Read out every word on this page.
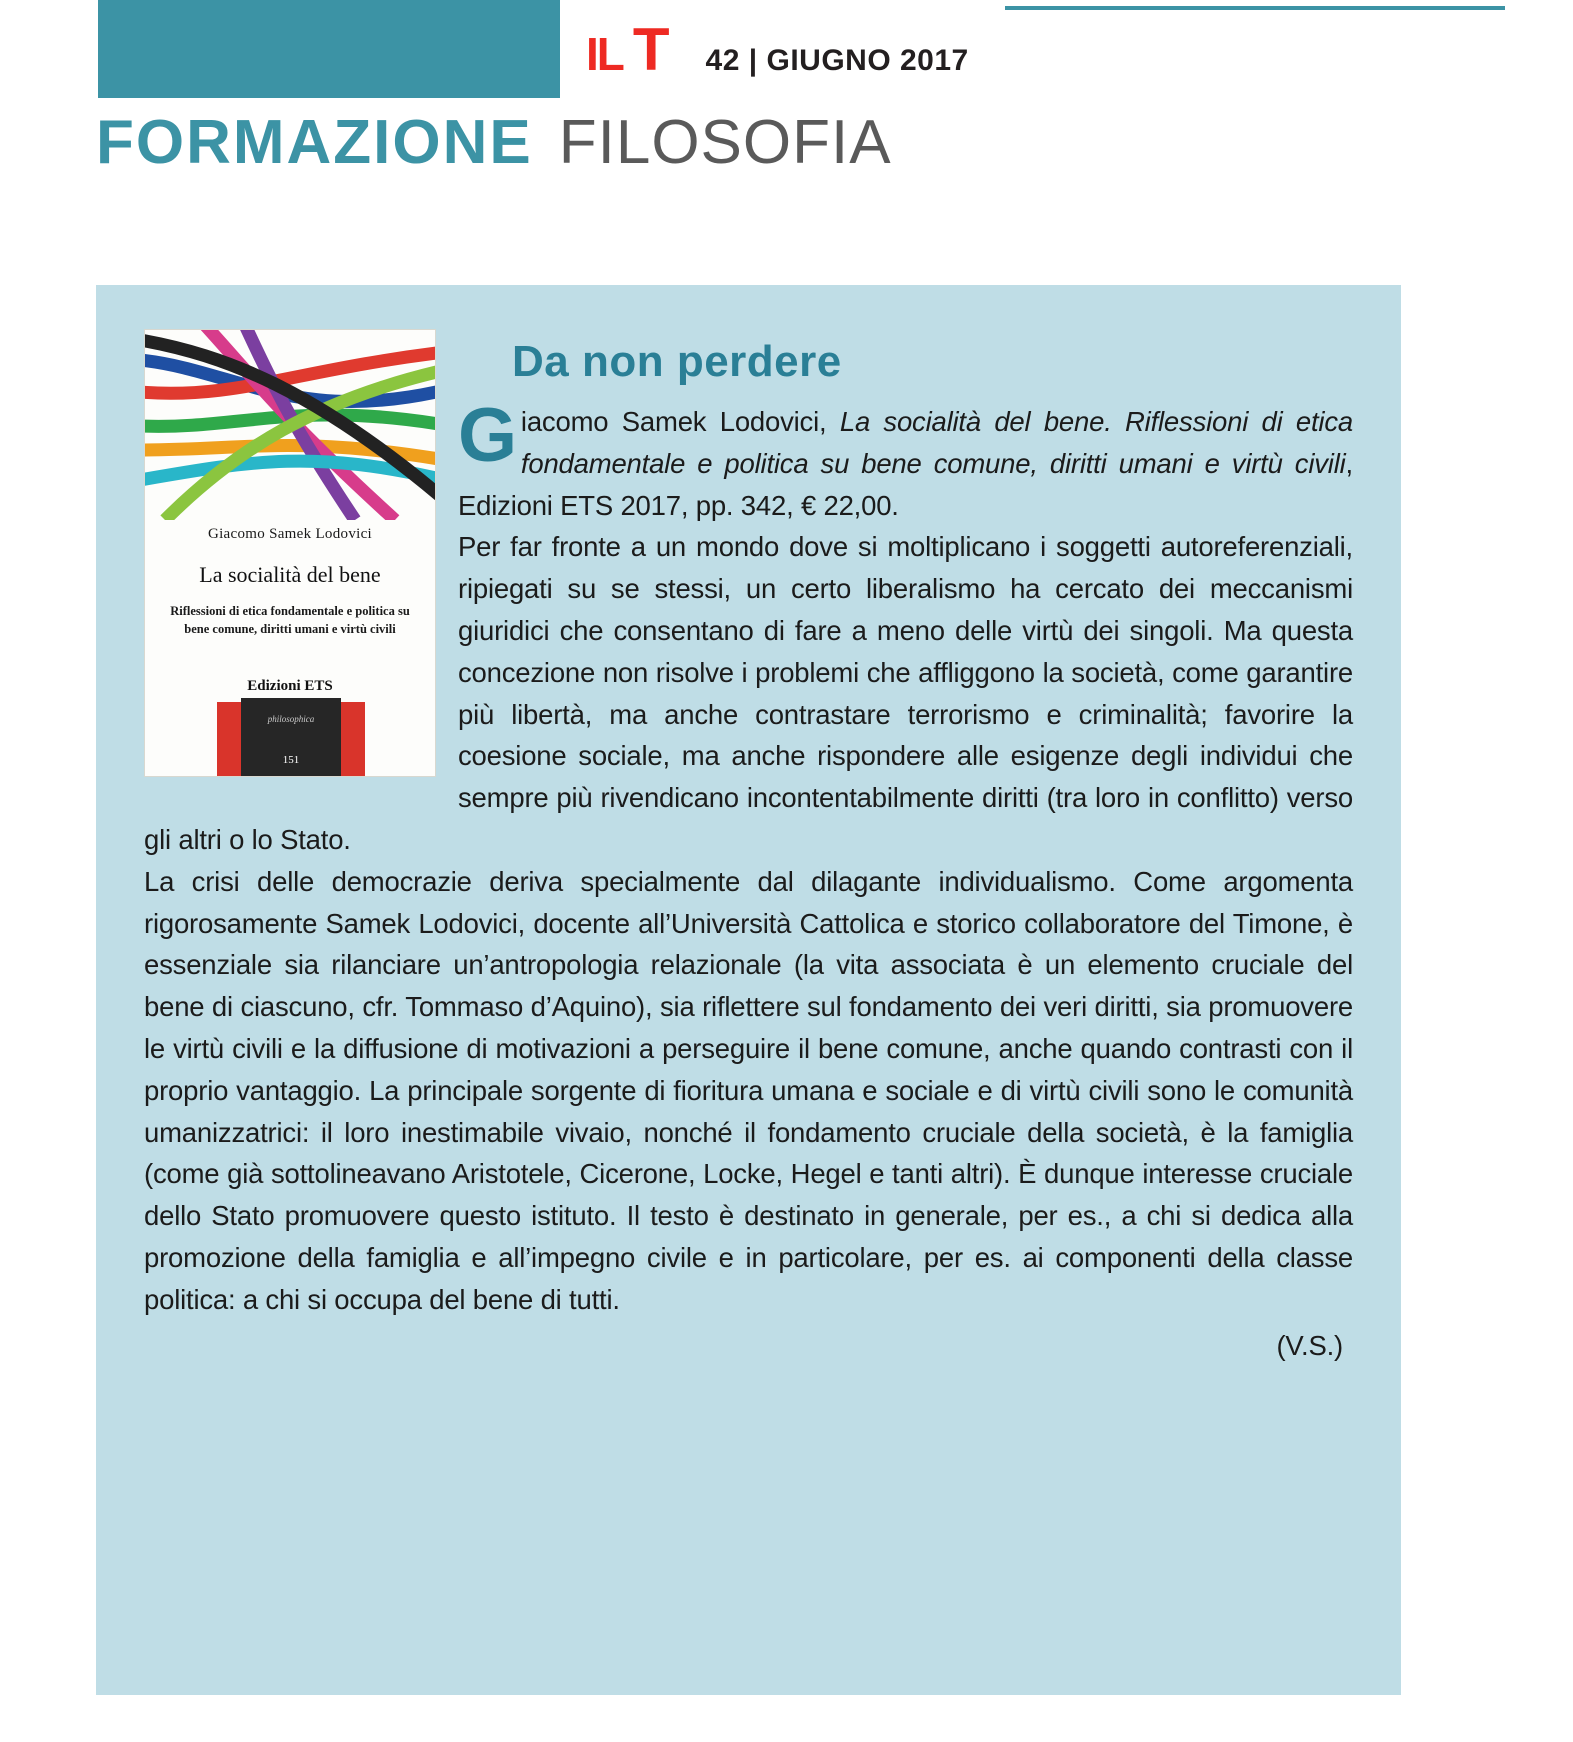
IL T	42 | GIUGNO 2017
FORMAZIONE FILOSOFIA
Giacomo Samek Lodovici
La socialità del bene
Riflessioni di etica fondamentale e politica su bene comune, diritti umani e virtù civili
Edizioni ETS
philosophica
151
Da non perdere

Giacomo Samek Lodovici, La socialità del bene. Riflessioni di etica fondamentale e politica su bene comune, diritti umani e virtù civili, Edizioni ETS 2017, pp. 342, € 22,00.

Per far fronte a un mondo dove si moltiplicano i soggetti autoreferenziali, ripiegati su se stessi, un certo liberalismo ha cercato dei meccanismi giuridici che consentano di fare a meno delle virtù dei singoli. Ma questa concezione non risolve i problemi che affliggono la società, come garantire più libertà, ma anche contrastare terrorismo e criminalità; favorire la coesione sociale, ma anche rispondere alle esigenze degli individui che sempre più rivendicano incontentabilmente diritti (tra loro in conflitto) verso gli altri o lo Stato.

La crisi delle democrazie deriva specialmente dal dilagante individualismo. Come argomenta rigorosamente Samek Lodovici, docente all’Università Cattolica e storico collaboratore del Timone, è essenziale sia rilanciare un’antropologia relazionale (la vita associata è un elemento cruciale del bene di ciascuno, cfr. Tommaso d’Aquino), sia riflettere sul fondamento dei veri diritti, sia promuovere le virtù civili e la diffusione di motivazioni a perseguire il bene comune, anche quando contrasti con il proprio vantaggio. La principale sorgente di fioritura umana e sociale e di virtù civili sono le comunità umanizzatrici: il loro inestimabile vivaio, nonché il fondamento cruciale della società, è la famiglia (come già sottolineavano Aristotele, Cicerone, Locke, Hegel e tanti altri). È dunque interesse cruciale dello Stato promuovere questo istituto. Il testo è destinato in generale, per es., a chi si dedica alla promozione della famiglia e all’impegno civile e in particolare, per es. ai componenti della classe politica: a chi si occupa del bene di tutti.

(V.S.)
